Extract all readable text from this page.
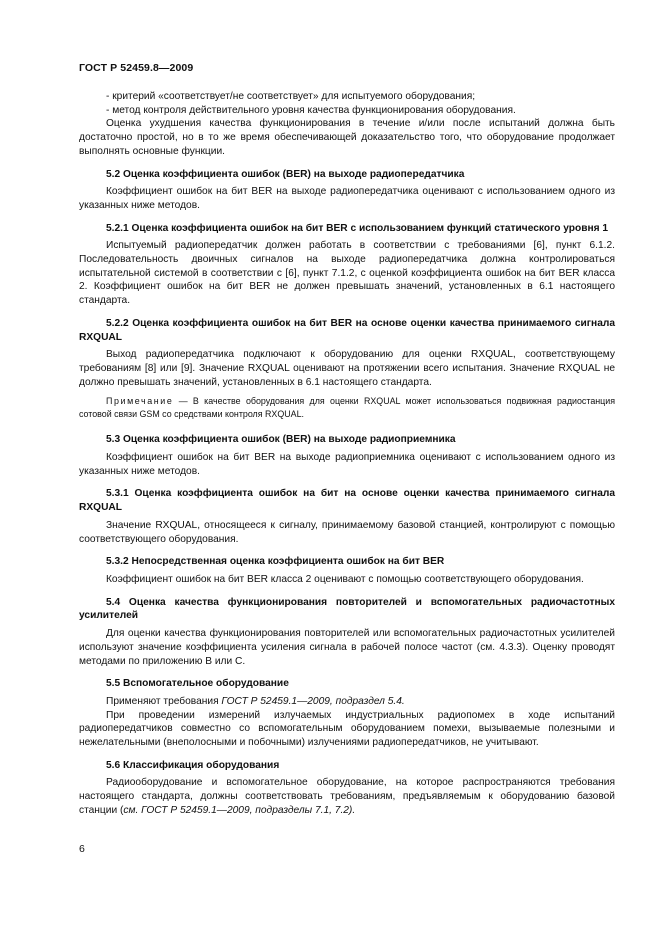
ГОСТ Р 52459.8—2009

- критерий «соответствует/не соответствует» для испытуемого оборудования;

- метод контроля действительного уровня качества функционирования оборудования.

Оценка ухудшения качества функционирования в течение и/или после испытаний должна быть достаточно простой, но в то же время обеспечивающей доказательство того, что оборудование продолжает выполнять основные функции.

5.2 Оценка коэффициента ошибок (BER) на выходе радиопередатчика

Коэффициент ошибок на бит BER на выходе радиопередатчика оценивают с использованием одного из указанных ниже методов.

5.2.1 Оценка коэффициента ошибок на бит BER с использованием функций статического уровня 1

Испытуемый радиопередатчик должен работать в соответствии с требованиями [6], пункт 6.1.2. Последовательность двоичных сигналов на выходе радиопередатчика должна контролироваться испытательной системой в соответствии с [6], пункт 7.1.2, с оценкой коэффициента ошибок на бит BER класса 2. Коэффициент ошибок на бит BER не должен превышать значений, установленных в 6.1 настоящего стандарта.

5.2.2 Оценка коэффициента ошибок на бит BER на основе оценки качества принимаемого сигнала RXQUAL

Выход радиопередатчика подключают к оборудованию для оценки RXQUAL, соответствующему требованиям [8] или [9]. Значение RXQUAL оценивают на протяжении всего испытания. Значение RXQUAL не должно превышать значений, установленных в 6.1 настоящего стандарта.

Примечание — В качестве оборудования для оценки RXQUAL может использоваться подвижная радиостанция сотовой связи GSM со средствами контроля RXQUAL.

5.3 Оценка коэффициента ошибок (BER) на выходе радиоприемника

Коэффициент ошибок на бит BER на выходе радиоприемника оценивают с использованием одного из указанных ниже методов.

5.3.1 Оценка коэффициента ошибок на бит на основе оценки качества принимаемого сигнала RXQUAL

Значение RXQUAL, относящееся к сигналу, принимаемому базовой станцией, контролируют с помощью соответствующего оборудования.

5.3.2 Непосредственная оценка коэффициента ошибок на бит BER

Коэффициент ошибок на бит BER класса 2 оценивают с помощью соответствующего оборудования.

5.4 Оценка качества функционирования повторителей и вспомогательных радиочастотных усилителей

Для оценки качества функционирования повторителей или вспомогательных радиочастотных усилителей используют значение коэффициента усиления сигнала в рабочей полосе частот (см. 4.3.3). Оценку проводят методами по приложению В или С.

5.5 Вспомогательное оборудование

Применяют требования ГОСТ Р 52459.1—2009, подраздел 5.4.

При проведении измерений излучаемых индустриальных радиопомех в ходе испытаний радиопередатчиков совместно со вспомогательным оборудованием помехи, вызываемые полезными и нежелательными (внеполосными и побочными) излучениями радиопередатчиков, не учитывают.

5.6 Классификация оборудования

Радиооборудование и вспомогательное оборудование, на которое распространяются требования настоящего стандарта, должны соответствовать требованиям, предъявляемым к оборудованию базовой станции (см. ГОСТ Р 52459.1—2009, подразделы 7.1, 7.2).

6
